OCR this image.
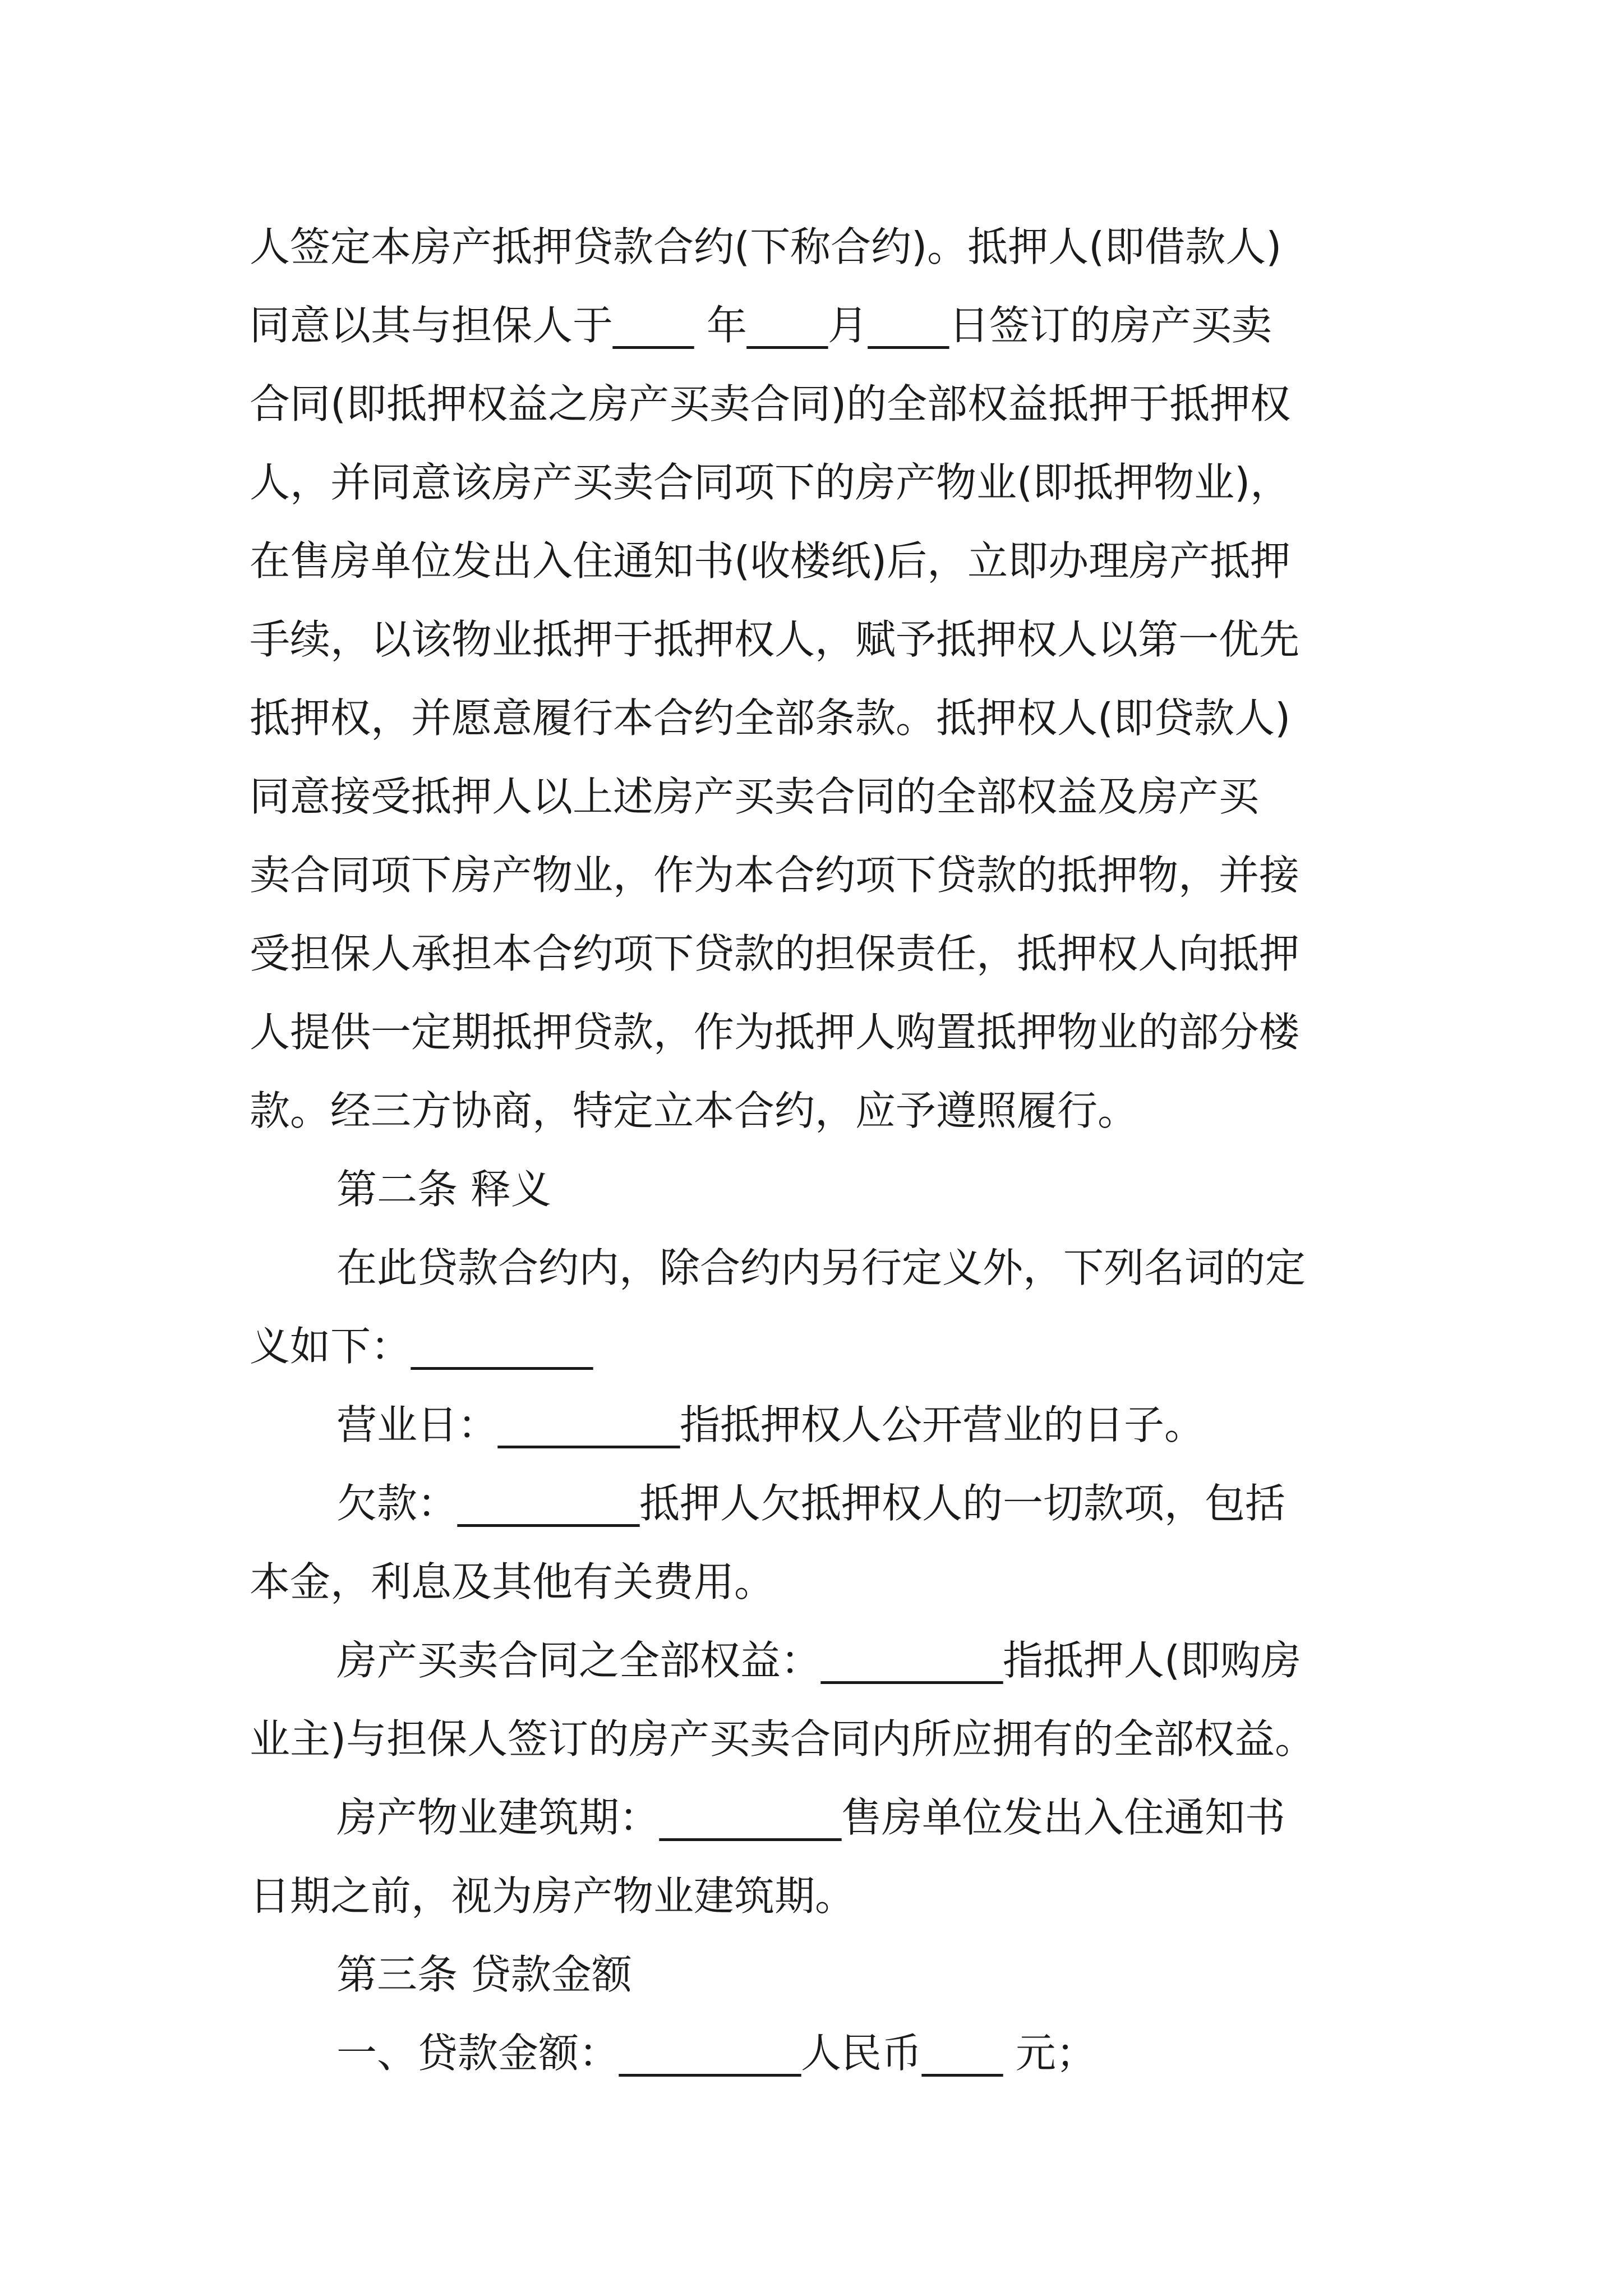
人签定本房产抵押贷款合约(下称合约)。抵押人(即借款人)
同意以其与担保人于____ 年____月____日签订的房产买卖
合同(即抵押权益之房产买卖合同)的全部权益抵押于抵押权
人，并同意该房产买卖合同项下的房产物业(即抵押物业)，
在售房单位发出入住通知书(收楼纸)后，立即办理房产抵押
手续，以该物业抵押于抵押权人，赋予抵押权人以第一优先
抵押权，并愿意履行本合约全部条款。抵押权人(即贷款人)
同意接受抵押人以上述房产买卖合同的全部权益及房产买
卖合同项下房产物业，作为本合约项下贷款的抵押物，并接
受担保人承担本合约项下贷款的担保责任，抵押权人向抵押
人提供一定期抵押贷款，作为抵押人购置抵押物业的部分楼
款。经三方协商，特定立本合约，应予遵照履行。
第二条 释义
在此贷款合约内，除合约内另行定义外，下列名词的定
义如下：_________
营业日：_________指抵押权人公开营业的日子。
欠款：_________抵押人欠抵押权人的一切款项，包括
本金，利息及其他有关费用。
房产买卖合同之全部权益：_________指抵押人(即购房
业主)与担保人签订的房产买卖合同内所应拥有的全部权益。
房产物业建筑期：_________售房单位发出入住通知书
日期之前，视为房产物业建筑期。
第三条 贷款金额
一、贷款金额：_________人民币____ 元；
